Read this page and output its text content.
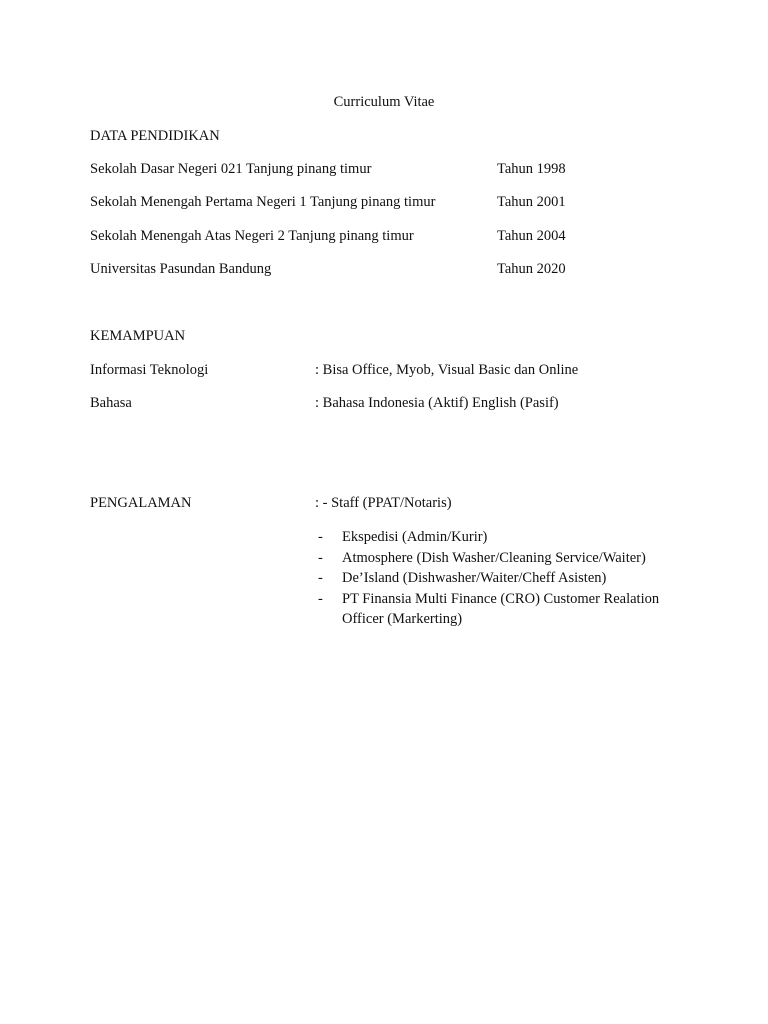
Curriculum Vitae
DATA PENDIDIKAN
Sekolah Dasar Negeri 021 Tanjung pinang timur	Tahun 1998
Sekolah Menengah Pertama Negeri 1 Tanjung pinang timur	Tahun 2001
Sekolah Menengah Atas Negeri 2 Tanjung pinang timur	Tahun 2004
Universitas Pasundan Bandung	Tahun 2020
KEMAMPUAN
Informasi Teknologi	: Bisa Office, Myob, Visual Basic dan Online
Bahasa	: Bahasa Indonesia (Aktif) English (Pasif)
PENGALAMAN	: - Staff (PPAT/Notaris)
- Ekspedisi (Admin/Kurir)
- Atmosphere (Dish Washer/Cleaning Service/Waiter)
- De’Island (Dishwasher/Waiter/Cheff Asisten)
- PT Finansia Multi Finance (CRO) Customer Realation Officer (Markerting)
